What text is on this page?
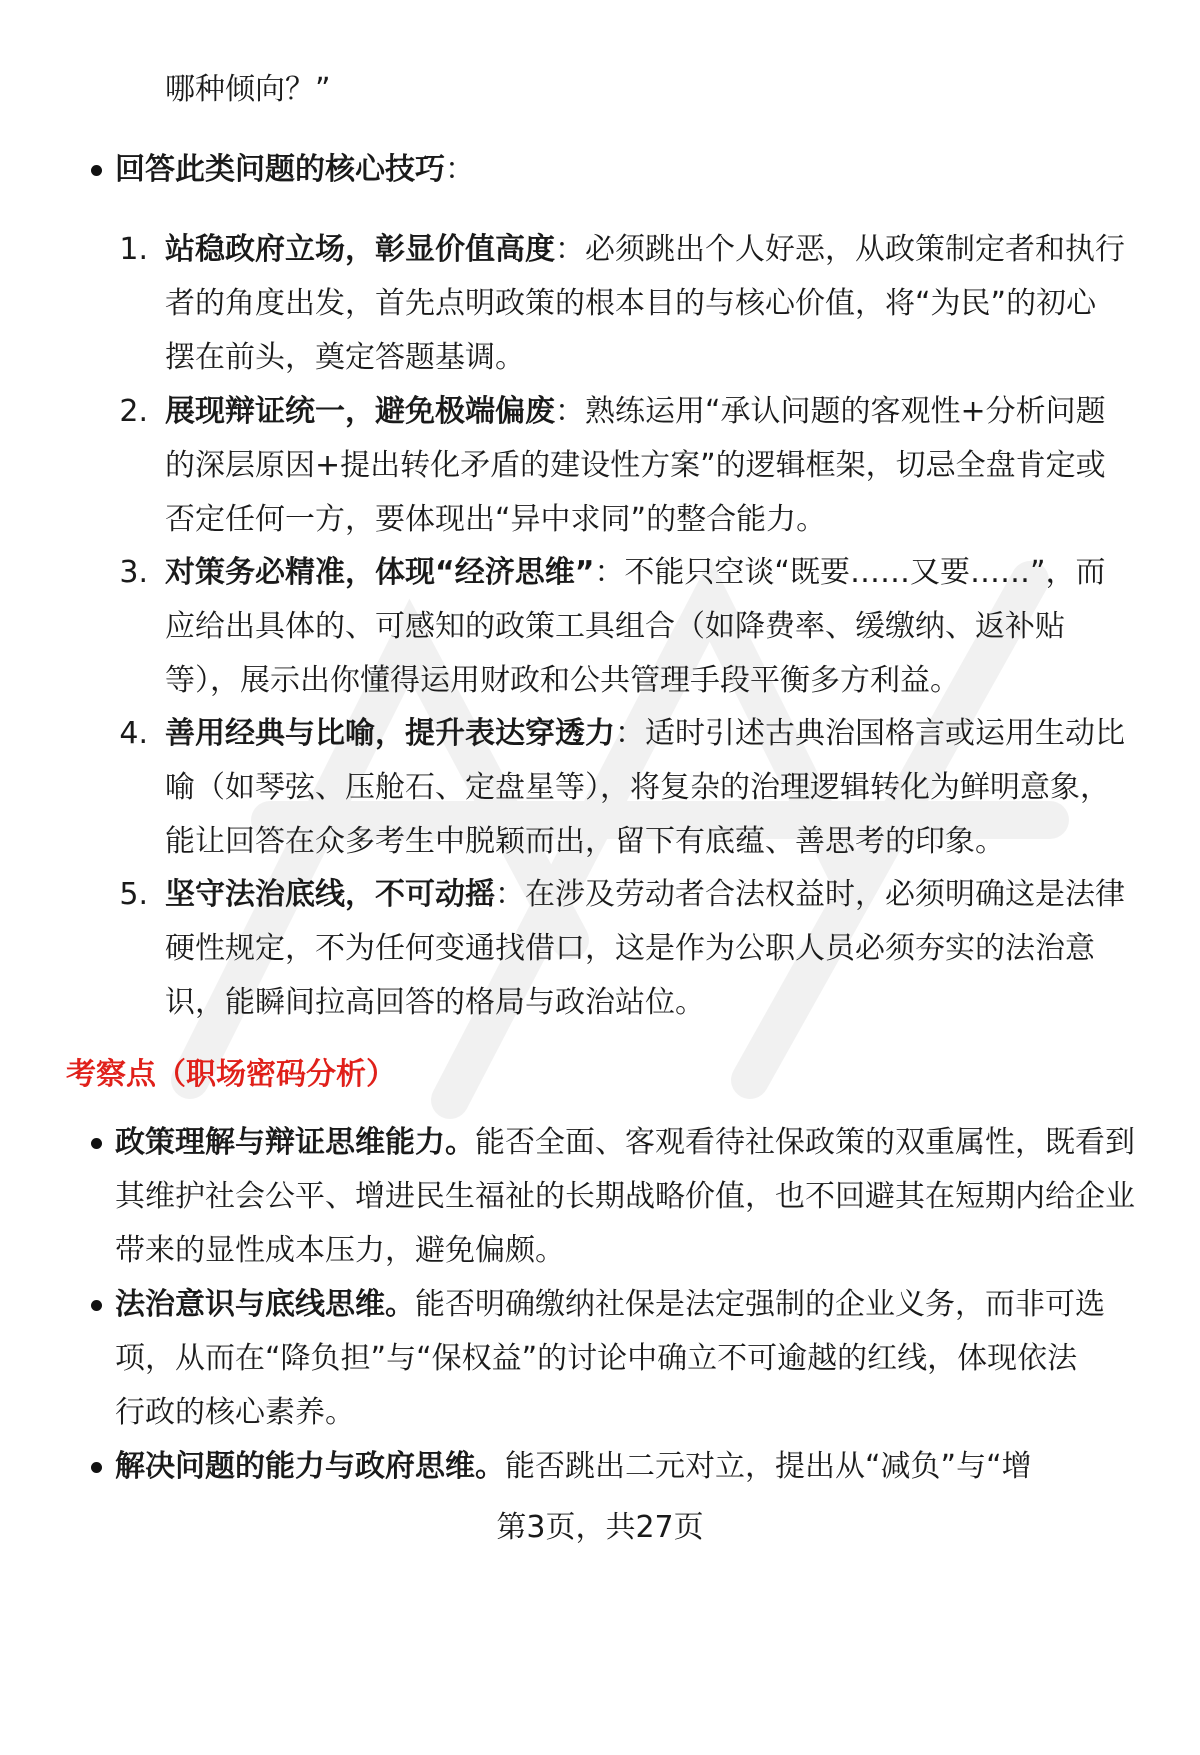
哪种倾向？”
回答此类问题的核心技巧：
1. 站稳政府立场，彰显价值高度：必须跳出个人好恶，从政策制定者和执行
者的角度出发，首先点明政策的根本目的与核心价值，将“为民”的初心
摆在前头，奠定答题基调。
2. 展现辩证统一，避免极端偏废：熟练运用“承认问题的客观性+分析问题
的深层原因+提出转化矛盾的建设性方案”的逻辑框架，切忌全盘肯定或
否定任何一方，要体现出“异中求同”的整合能力。
3. 对策务必精准，体现“经济思维”：不能只空谈“既要……又要……”，而
应给出具体的、可感知的政策工具组合（如降费率、缓缴纳、返补贴
等），展示出你懂得运用财政和公共管理手段平衡多方利益。
4. 善用经典与比喻，提升表达穿透力：适时引述古典治国格言或运用生动比
喻（如琴弦、压舱石、定盘星等），将复杂的治理逻辑转化为鲜明意象，
能让回答在众多考生中脱颖而出，留下有底蕴、善思考的印象。
5. 坚守法治底线，不可动摇：在涉及劳动者合法权益时，必须明确这是法律
硬性规定，不为任何变通找借口，这是作为公职人员必须夯实的法治意
识，能瞬间拉高回答的格局与政治站位。
考察点（职场密码分析）
政策理解与辩证思维能力。能否全面、客观看待社保政策的双重属性，既看到
其维护社会公平、增进民生福祉的长期战略价值，也不回避其在短期内给企业
带来的显性成本压力，避免偏颇。
法治意识与底线思维。能否明确缴纳社保是法定强制的企业义务，而非可选
项，从而在“降负担”与“保权益”的讨论中确立不可逾越的红线，体现依法
行政的核心素养。
解决问题的能力与政府思维。能否跳出二元对立，提出从“减负”与“增
第3页，共27页
